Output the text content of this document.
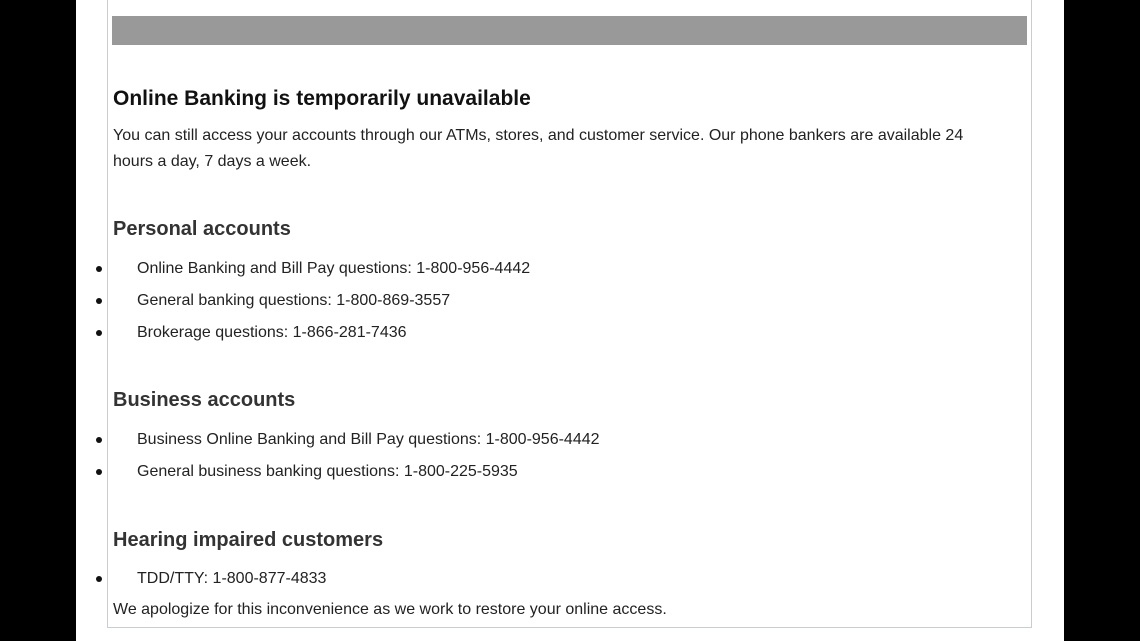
Online Banking is temporarily unavailable

You can still access your accounts through our ATMs, stores, and customer service. Our phone bankers are available 24 hours a day, 7 days a week.

Personal accounts
Online Banking and Bill Pay questions: 1-800-956-4442
General banking questions: 1-800-869-3557
Brokerage questions: 1-866-281-7436
Business accounts
Business Online Banking and Bill Pay questions: 1-800-956-4442
General business banking questions: 1-800-225-5935
Hearing impaired customers
TDD/TTY: 1-800-877-4833

We apologize for this inconvenience as we work to restore your online access.
